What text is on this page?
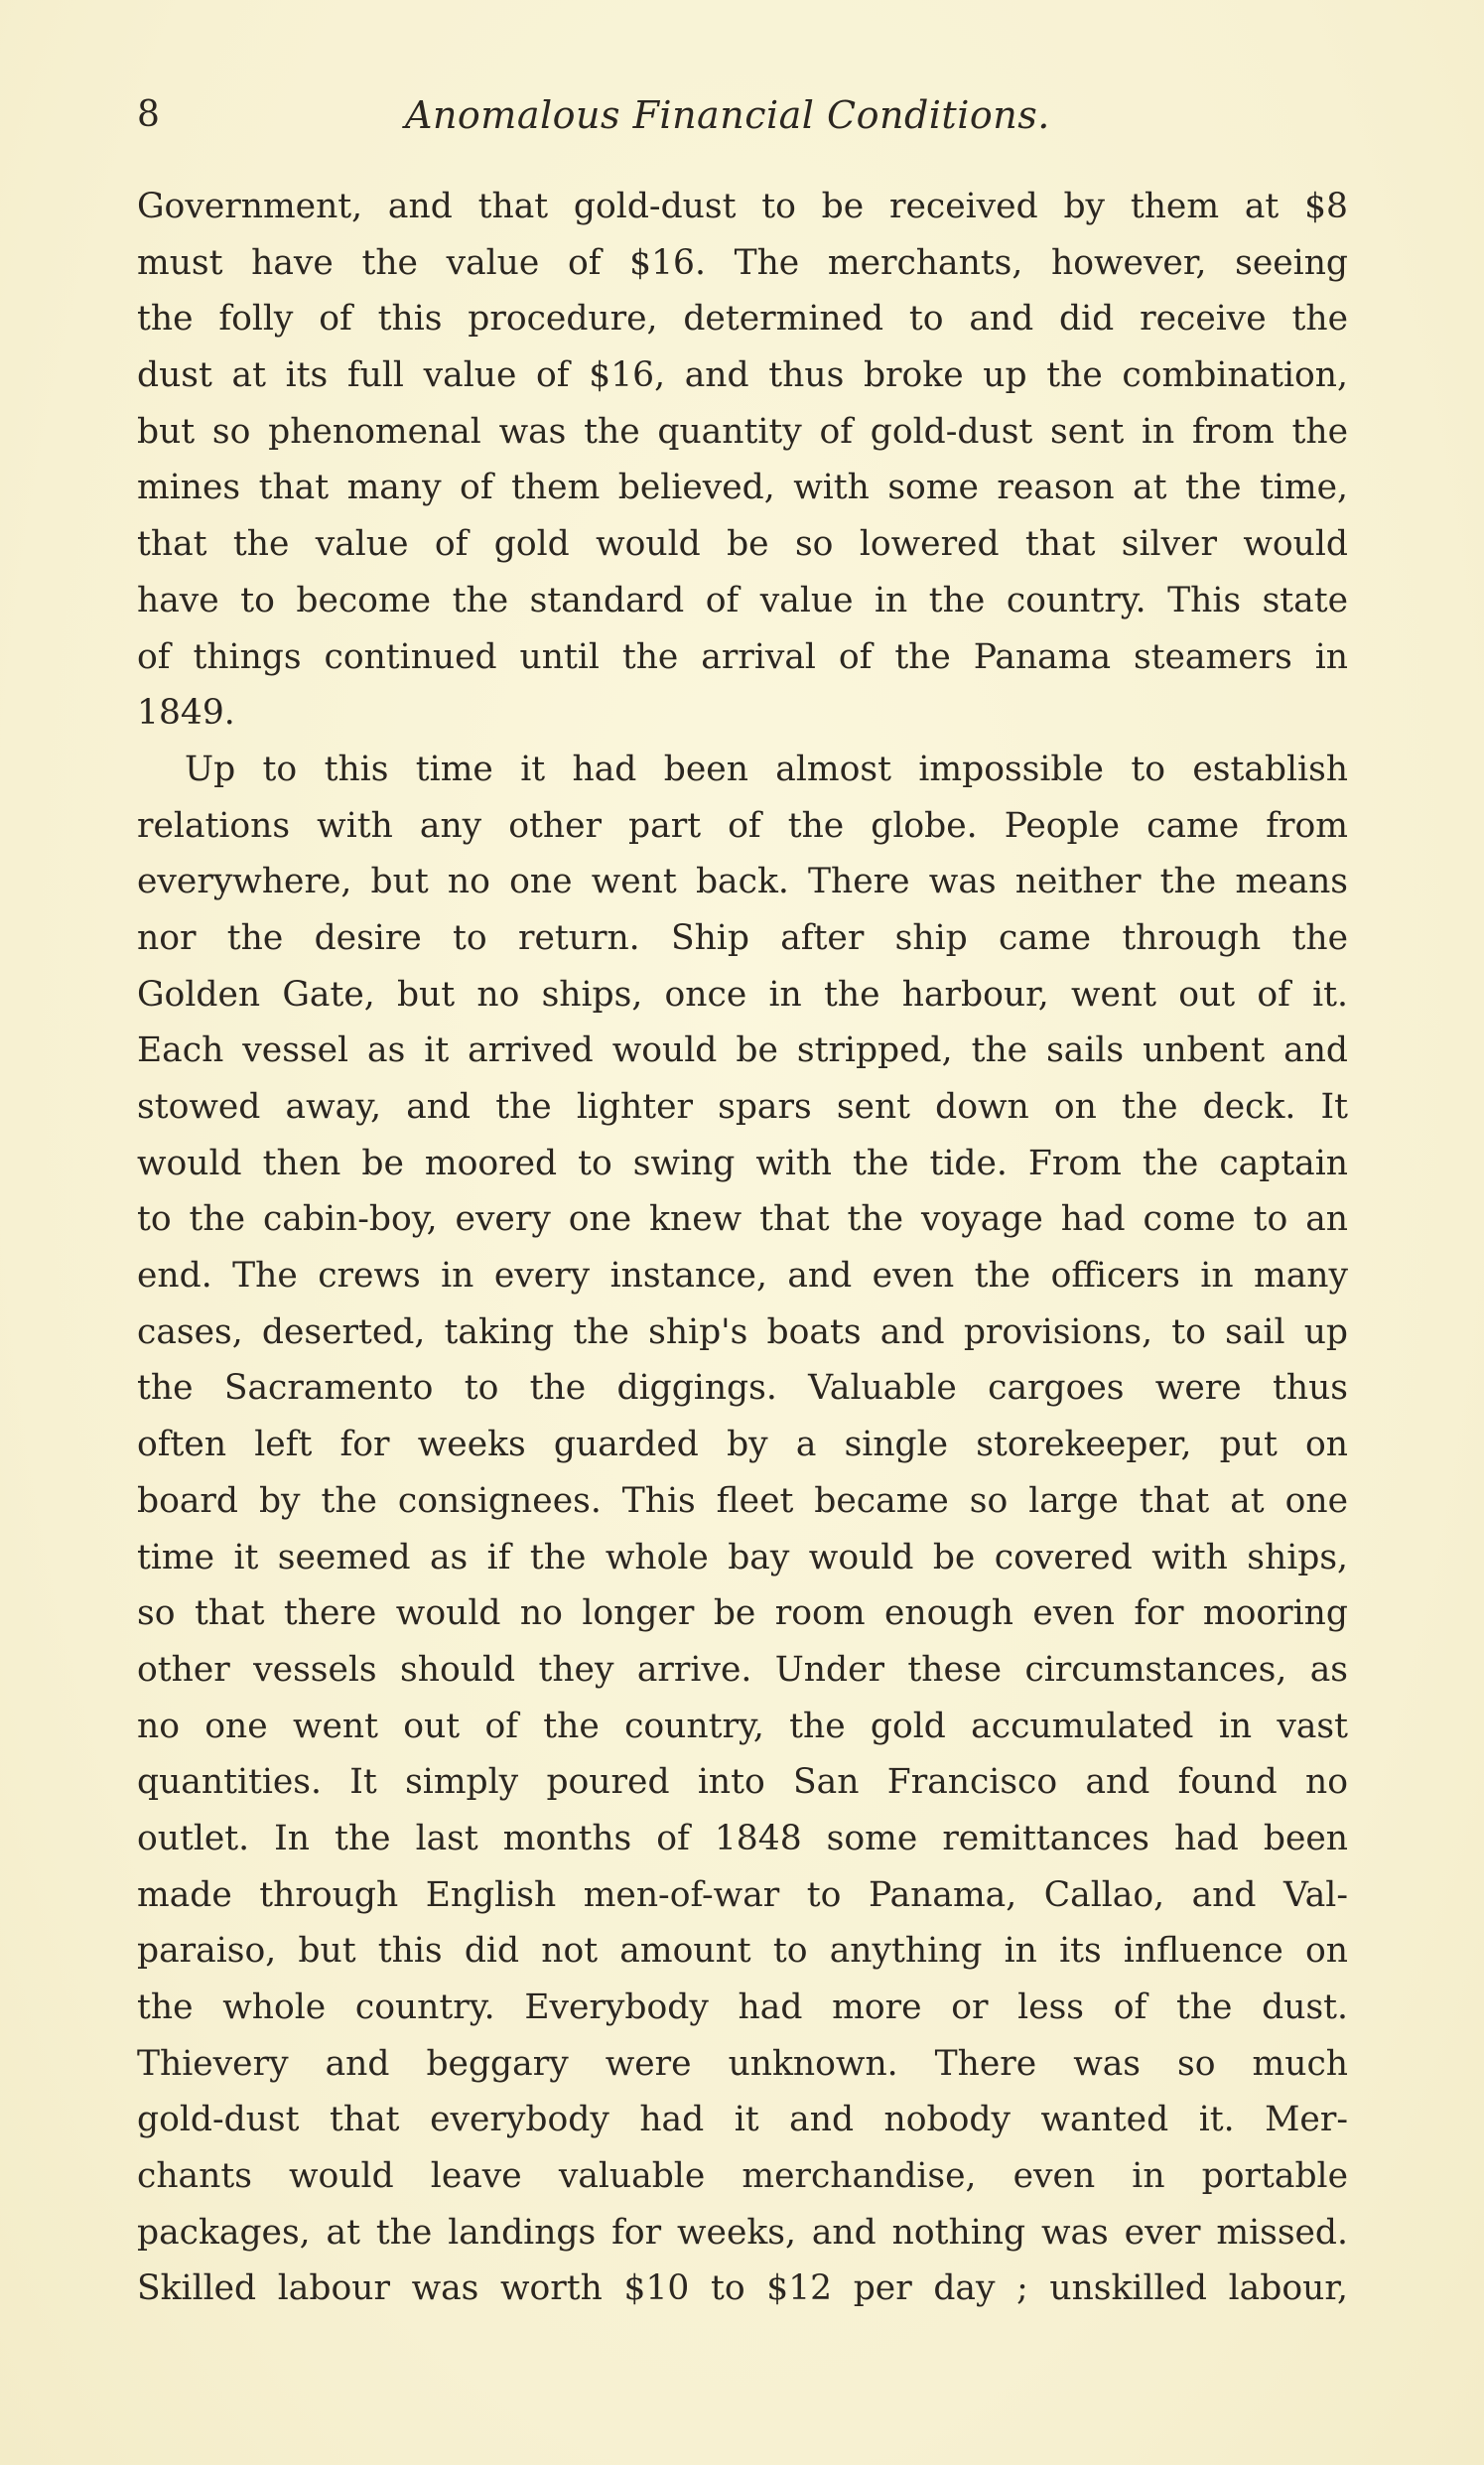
8	Anomalous Financial Conditions.
Government, and that gold-dust to be received by them at $8
must have the value of $16. The merchants, however, seeing
the folly of this procedure, determined to and did receive the
dust at its full value of $16, and thus broke up the combination,
but so phenomenal was the quantity of gold-dust sent in from the
mines that many of them believed, with some reason at the time,
that the value of gold would be so lowered that silver would
have to become the standard of value in the country. This state
of things continued until the arrival of the Panama steamers in
1849.
Up to this time it had been almost impossible to establish
relations with any other part of the globe. People came from
everywhere, but no one went back. There was neither the means
nor the desire to return. Ship after ship came through the
Golden Gate, but no ships, once in the harbour, went out of it.
Each vessel as it arrived would be stripped, the sails unbent and
stowed away, and the lighter spars sent down on the deck. It
would then be moored to swing with the tide. From the captain
to the cabin-boy, every one knew that the voyage had come to an
end. The crews in every instance, and even the officers in many
cases, deserted, taking the ship's boats and provisions, to sail up
the Sacramento to the diggings. Valuable cargoes were thus
often left for weeks guarded by a single storekeeper, put on
board by the consignees. This fleet became so large that at one
time it seemed as if the whole bay would be covered with ships,
so that there would no longer be room enough even for mooring
other vessels should they arrive. Under these circumstances, as
no one went out of the country, the gold accumulated in vast
quantities. It simply poured into San Francisco and found no
outlet. In the last months of 1848 some remittances had been
made through English men-of-war to Panama, Callao, and Val-
paraiso, but this did not amount to anything in its influence on
the whole country. Everybody had more or less of the dust.
Thievery and beggary were unknown. There was so much
gold-dust that everybody had it and nobody wanted it. Mer-
chants would leave valuable merchandise, even in portable
packages, at the landings for weeks, and nothing was ever missed.
Skilled labour was worth $10 to $12 per day ; unskilled labour,
